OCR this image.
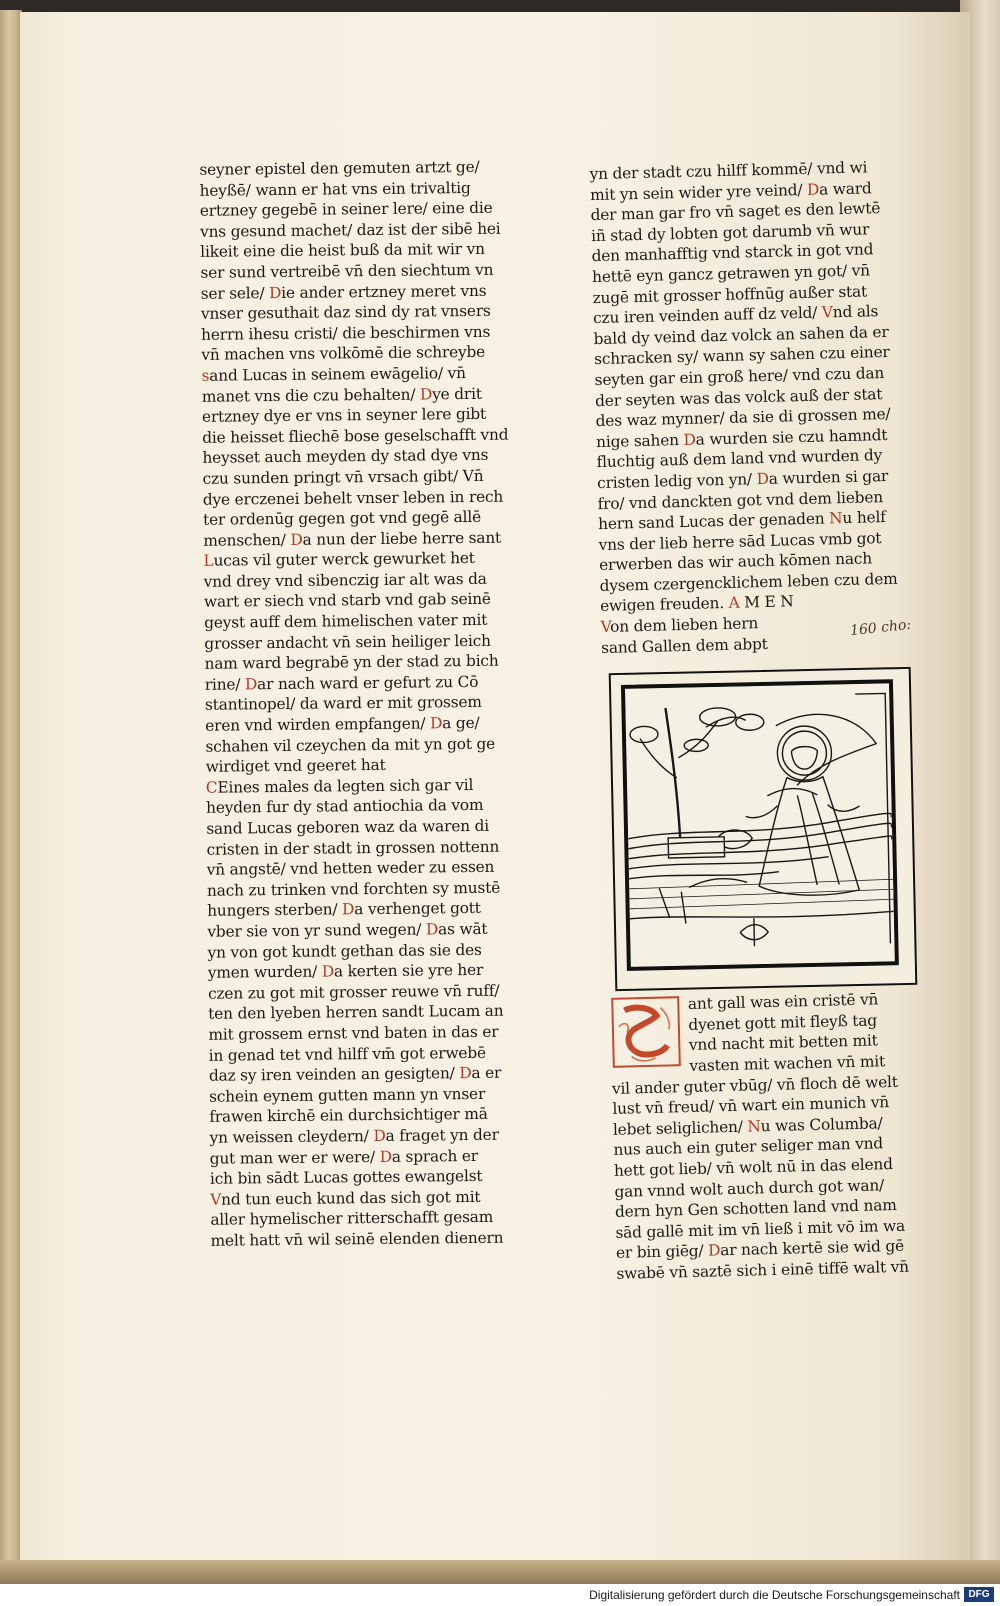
seyner epistel den gemuten artzt ge/
heyßē/ wann er hat vns ein trivaltig
ertzney gegebē in seiner lere/ eine die
vns gesund machet/ daz ist der sibē hei
likeit eine die heist buß da mit wir vn
ser sund vertreibē vn̄ den siechtum vn
ser sele/ Die ander ertzney meret vns
vnser gesuthait daz sind dy rat vnsers
herrn ihesu cristi/ die beschirmen vns
vn̄ machen vns volkōmē die schreybe
sand Lucas in seinem ewāgelio/ vn̄
manet vns die czu behalten/ Dye drit
ertzney dye er vns in seyner lere gibt
die heisset fliechē bose geselschafft vnd
heysset auch meyden dy stad dye vns
czu sunden pringt vn̄ vrsach gibt/ Vn̄
dye erczenei behelt vnser leben in rech
ter ordenūg gegen got vnd gegē allē
menschen/ Da nun der liebe herre sant
Lucas vil guter werck gewurket het
vnd drey vnd sibenczig iar alt was da
wart er siech vnd starb vnd gab seinē
geyst auff dem himelischen vater mit
grosser andacht vn̄ sein heiliger leich
nam ward begrabē yn der stad zu bich
rine/ Dar nach ward er gefurt zu Cō
stantinopel/ da ward er mit grossem
eren vnd wirden empfangen/ Da ge/
schahen vil czeychen da mit yn got ge
wirdiget vnd geeret hat
CEines males da legten sich gar vil
heyden fur dy stad antiochia da vom
sand Lucas geboren waz da waren di
cristen in der stadt in grossen nottenn
vn̄ angstē/ vnd hetten weder zu essen
nach zu trinken vnd forchten sy mustē
hungers sterben/ Da verhenget gott
vber sie von yr sund wegen/ Das wāt
yn von got kundt gethan das sie des
ymen wurden/ Da kerten sie yre her
czen zu got mit grosser reuwe vn̄ ruff/
ten den lyeben herren sandt Lucam an
mit grossem ernst vnd baten in das er
in genad tet vnd hilff vm̄ got erwebē
daz sy iren veinden an gesigten/ Da er
schein eynem gutten mann yn vnser
frawen kirchē ein durchsichtiger mā
yn weissen cleydern/ Da fraget yn der
gut man wer er were/ Da sprach er
ich bin sādt Lucas gottes ewangelst
Vnd tun euch kund das sich got mit
aller hymelischer ritterschafft gesam
melt hatt vn̄ wil seinē elenden dienern
yn der stadt czu hilff kommē/ vnd wi
mit yn sein wider yre veind/ Da ward
der man gar fro vn̄ saget es den lewtē
iñ stad dy lobten got darumb vn̄ wur
den manhafftig vnd starck in got vnd
hettē eyn gancz getrawen yn got/ vn̄
zugē mit grosser hoffnūg außer stat
czu iren veinden auff dz veld/ Vnd als
bald dy veind daz volck an sahen da er
schracken sy/ wann sy sahen czu einer
seyten gar ein groß here/ vnd czu dan
der seyten was das volck auß der stat
des waz mynner/ da sie di grossen me/
nige sahen Da wurden sie czu hamndt
fluchtig auß dem land vnd wurden dy
cristen ledig von yn/ Da wurden si gar
fro/ vnd danckten got vnd dem lieben
hern sand Lucas der genaden Nu helf
vns der lieb herre sād Lucas vmb got
erwerben das wir auch kōmen nach
dysem czergencklichem leben czu dem
ewigen freuden. A M E N
Von dem lieben hern
sand Gallen dem abpt
ant gall was ein cristē vn̄
dyenet gott mit fleyß tag
vnd nacht mit betten mit
vasten mit wachen vn̄ mit
vil ander guter vbūg/ vn̄ floch dē welt
lust vn̄ freud/ vn̄ wart ein munich vn̄
lebet seliglichen/ Nu was Columba/
nus auch ein guter seliger man vnd
hett got lieb/ vn̄ wolt nū in das elend
gan vnnd wolt auch durch got wan/
dern hyn Gen schotten land vnd nam
sād gallē mit im vn̄ ließ i mit vō im wa
er bin giēg/ Dar nach kertē sie wid gē
swabē vn̄ saztē sich i einē tiffē walt vn̄
160 cho:
Digitalisierung gefördert durch die Deutsche Forschungsgemeinschaft DFG
